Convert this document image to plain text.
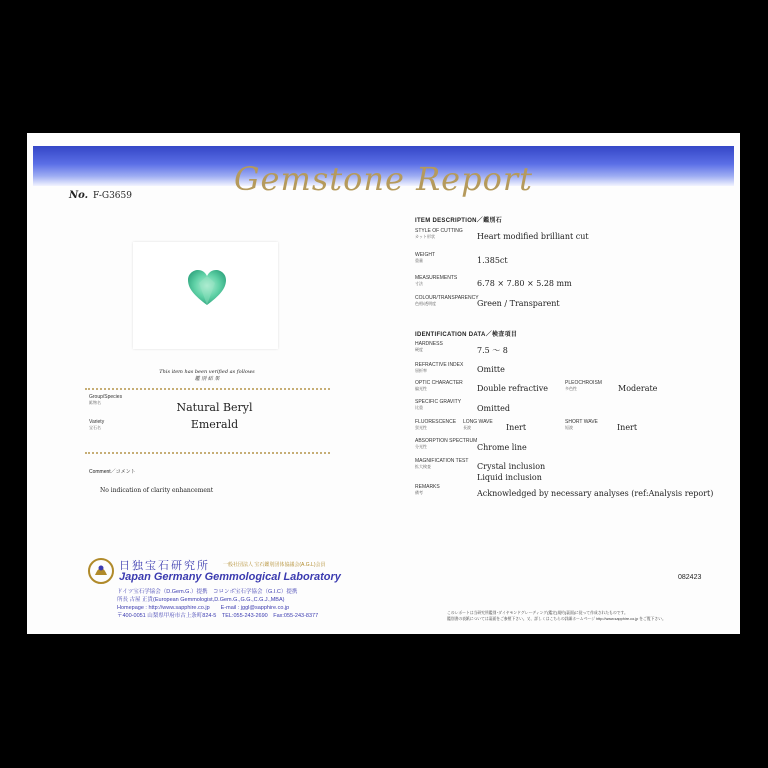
Gemstone Report
No. F-G3659
This item has been verified as follows
鑑 別 結 果
Group/Species
鉱物名	Natural Beryl
Variety
宝石名	Emerald
Comment／コメント
No indication of clarity enhancement
ITEM DESCRIPTION／鑑別石
STYLE OF CUTTING
カット形状	Heart modified brilliant cut
WEIGHT
重量	1.385ct
MEASUREMENTS
寸法	6.78 × 7.80 × 5.28 mm
COLOUR/TRANSPARENCY
色相/透明度	Green / Transparent
IDENTIFICATION DATA／検査項目
HARDNESS
硬度	7.5 ～ 8
REFRACTIVE INDEX
屈折率	Omitte
OPTIC CHARACTER
偏光性	Double refractive
PLEOCHROISM
多色性	Moderate
SPECIFIC GRAVITY
比重	Omitted
FLUORESCENCE
蛍光性
LONG WAVE
長波	Inert
SHORT WAVE
短波	Inert
ABSORPTION SPECTRUM
分光性	Chrome line
MAGNIFICATION TEST
拡大検査	Crystal inclusion
Liquid inclusion
REMARKS
備考	Acknowledged by necessary analyses (ref:Analysis report)
日独宝石研究所	一般社団法人 宝石鑑別団体協議会(A.G.L)会員
Japan Germany Gemmological Laboratory
ドイツ宝石学協会（D.Gem.G.）提携　コロンボ宝石学協会（G.I.C）提携
所長 古屋 正貴(European Gemmologist,D.Gem.G.,G.G.,C.G.J.,MBA)
Homepage : http://www.sapphire.co.jp　　E-mail : jggl@sapphire.co.jp
〒400-0051 山梨県甲府市古上条町824-5　TEL:055-243-2690　Fax:055-243-8377
082423
このレポートは当研究所鑑別･ダイヤモンドグレーディング(鑑定)規約(裏面)に従って作成されたものです。
鑑別書の表紙については裏面をご参照下さい。又、詳しくはこちらの詳細ホームページ http://www.sapphire.co.jp をご覧下さい。
